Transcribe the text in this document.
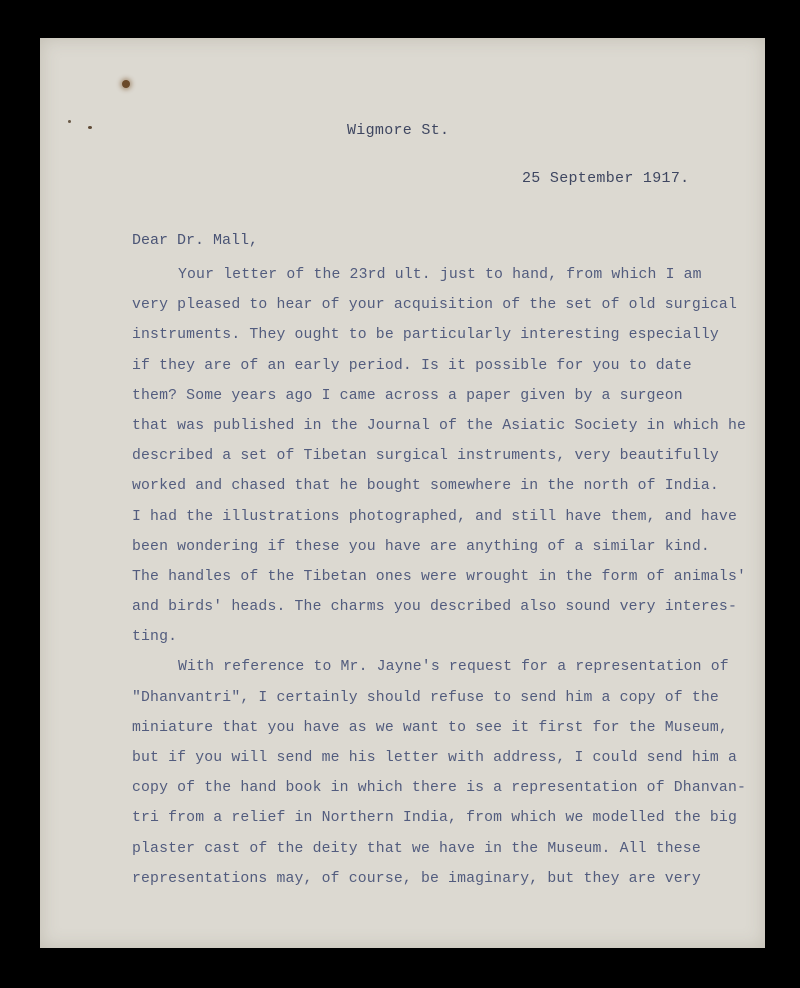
Wigmore St.
25 September 1917.
Dear Dr. Mall,
Your letter of the 23rd ult. just to hand, from which I am
very pleased to hear of your acquisition of the set of old surgical
instruments. They ought to be particularly interesting especially
if they are of an early period. Is it possible for you to date
them? Some years ago I came across a paper given by a surgeon
that was published in the Journal of the Asiatic Society in which he
described a set of Tibetan surgical instruments, very beautifully
worked and chased that he bought somewhere in the north of India.
I had the illustrations photographed, and still have them, and have
been wondering if these you have are anything of a similar kind.
The handles of the Tibetan ones were wrought in the form of animals'
and birds' heads. The charms you described also sound very interes-
ting.
With reference to Mr. Jayne's request for a representation of
"Dhanvantri", I certainly should refuse to send him a copy of the
miniature that you have as we want to see it first for the Museum,
but if you will send me his letter with address, I could send him a
copy of the hand book in which there is a representation of Dhanvan-
tri from a relief in Northern India, from which we modelled the big
plaster cast of the deity that we have in the Museum. All these
representations may, of course, be imaginary, but they are very
